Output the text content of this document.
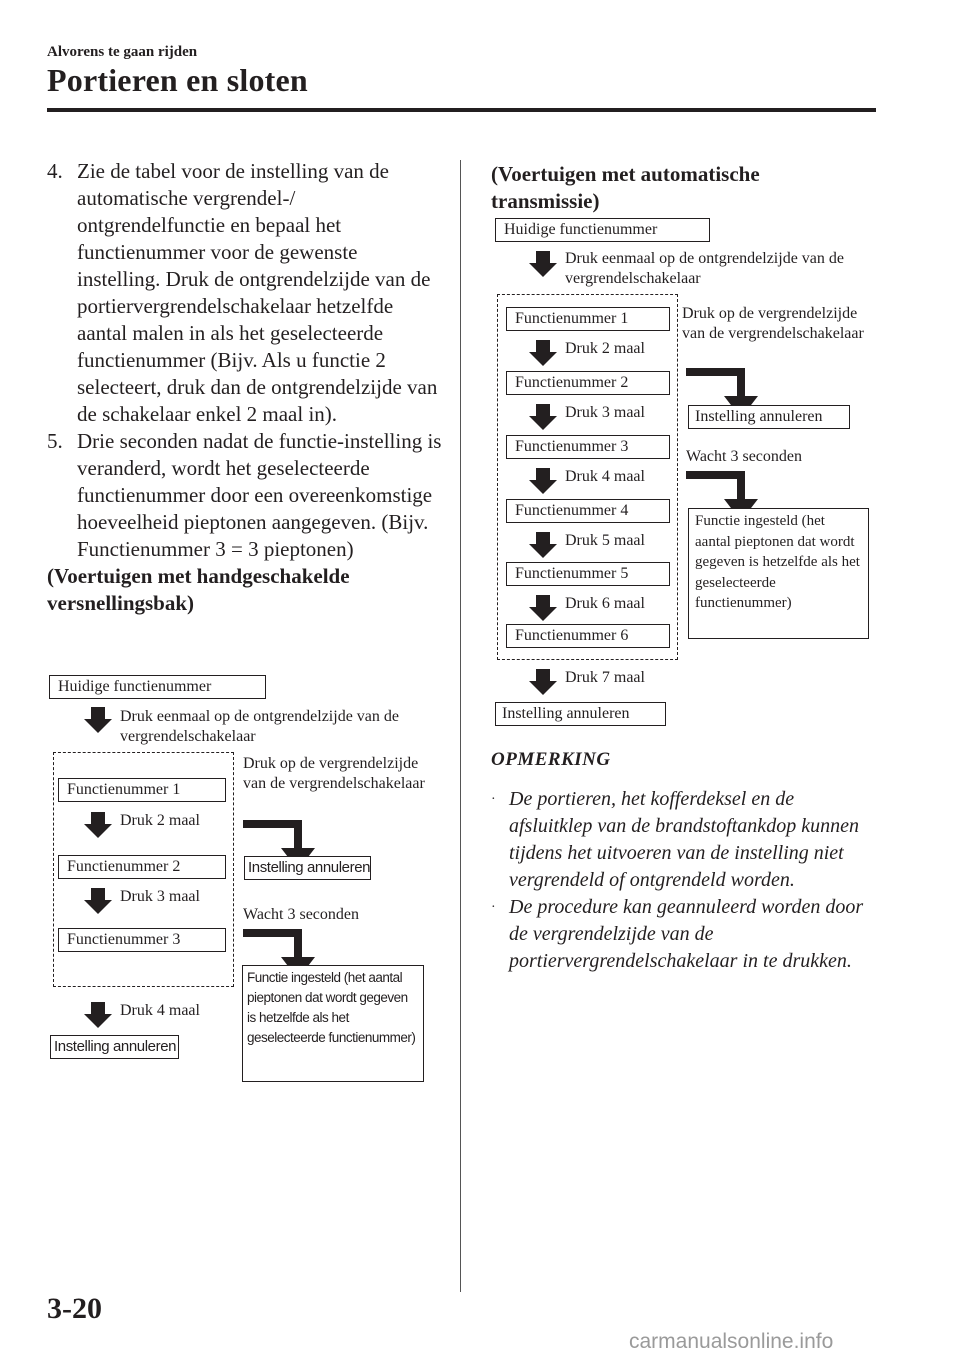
Alvorens te gaan rijden
Portieren en sloten
4. Zie de tabel voor de instelling van de automatische vergrendel-/ ontgrendelfunctie en bepaal het functienummer voor de gewenste instelling. Druk de ontgrendelzijde van de portiervergrendelschakelaar hetzelfde aantal malen in als het geselecteerde functienummer (Bijv. Als u functie 2 selecteert, druk dan de ontgrendelzijde van de schakelaar enkel 2 maal in).
5. Drie seconden nadat de functie-instelling is veranderd, wordt het geselecteerde functienummer door een overeenkomstige hoeveelheid pieptonen aangegeven. (Bijv. Functienummer 3 = 3 pieptonen)
(Voertuigen met handgeschakelde versnellingsbak)
Huidige functienummer
Druk eenmaal op de ontgrendelzijde van de vergrendelschakelaar
Functienummer 1
Druk 2 maal
Functienummer 2
Druk 3 maal
Functienummer 3
Druk 4 maal
Instelling annuleren
Druk op de vergrendelzijde van de vergrendelschakelaar
Instelling annuleren
Wacht 3 seconden
Functie ingesteld (het aantal pieptonen dat wordt gegeven is hetzelfde als het geselecteerde functienummer)
(Voertuigen met automatische transmissie)
Huidige functienummer
Druk eenmaal op de ontgrendelzijde van de vergrendelschakelaar
Functienummer 1
Druk 2 maal
Functienummer 2
Druk 3 maal
Functienummer 3
Druk 4 maal
Functienummer 4
Druk 5 maal
Functienummer 5
Druk 6 maal
Functienummer 6
Druk 7 maal
Instelling annuleren
Druk op de vergrendelzijde van de vergrendelschakelaar
Instelling annuleren
Wacht 3 seconden
Functie ingesteld (het aantal pieptonen dat wordt gegeven is hetzelfde als het geselecteerde functienummer)
OPMERKING
· De portieren, het kofferdeksel en de afsluitklep van de brandstoftankdop kunnen tijdens het uitvoeren van de instelling niet vergrendeld of ontgrendeld worden.
· De procedure kan geannuleerd worden door de vergrendelzijde van de portiervergrendelschakelaar in te drukken.
3-20
carmanualsonline.info
